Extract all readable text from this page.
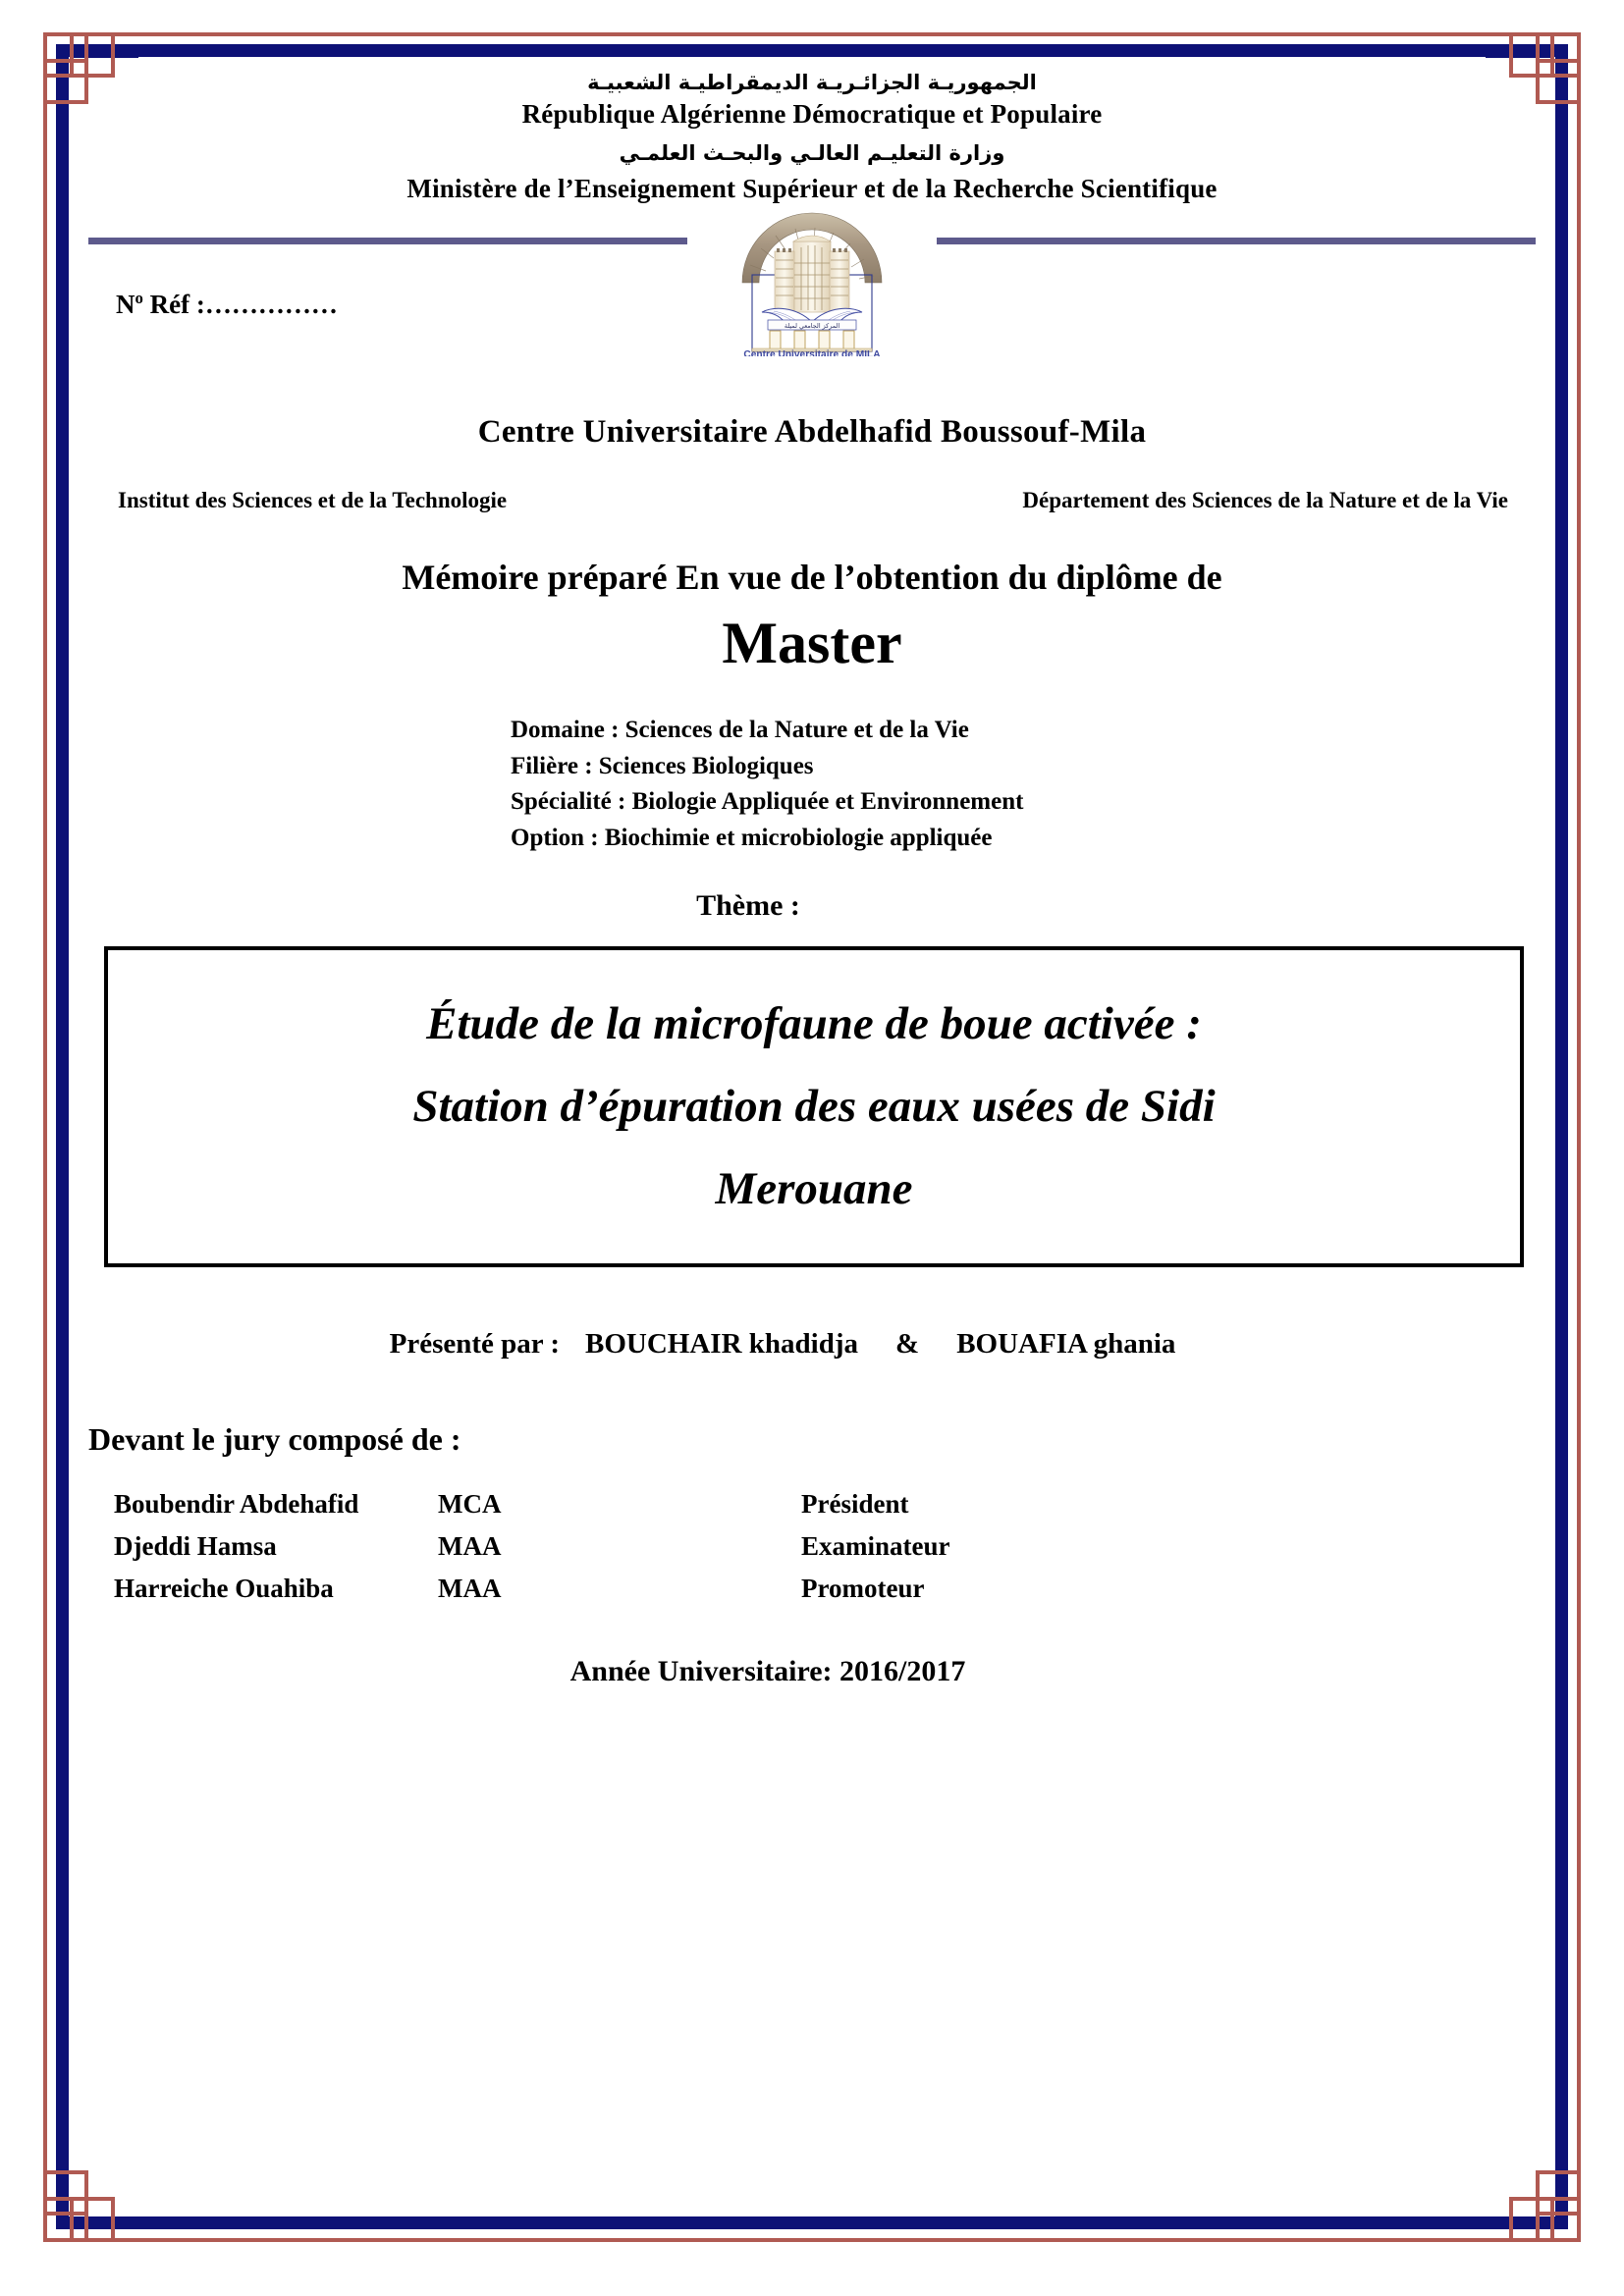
الجمهوريـة الجزائـريـة الديمقراطيـة الشعبيـة
République Algérienne Démocratique et Populaire
وزارة التعليـم العالـي والبحـث العلمـي
Ministère de l’Enseignement Supérieur et de la Recherche Scientifique
المركز الجامعي لميلة
Centre Universitaire de MILA
$N^o$ Réf :……………
Centre Universitaire Abdelhafid Boussouf-Mila
Institut des Sciences et de la Technologie	Département des Sciences de la Nature et de la Vie
Mémoire préparé En vue de l’obtention du diplôme de
Master
Domaine : Sciences de la Nature et de la Vie
Filière : Sciences Biologiques
Spécialité : Biologie Appliquée et Environnement
Option : Biochimie et microbiologie appliquée
Thème :

Étude de la microfaune de boue activée :

Station d’épuration des eaux usées de Sidi

Merouane

Présenté par : BOUCHAIR khadidja & BOUAFIA ghania
Devant le jury composé de :
Boubendir Abdehafid	MCA	Président
Djeddi Hamsa	MAA	Examinateur
Harreiche Ouahiba	MAA	Promoteur
Année Universitaire: 2016/2017
